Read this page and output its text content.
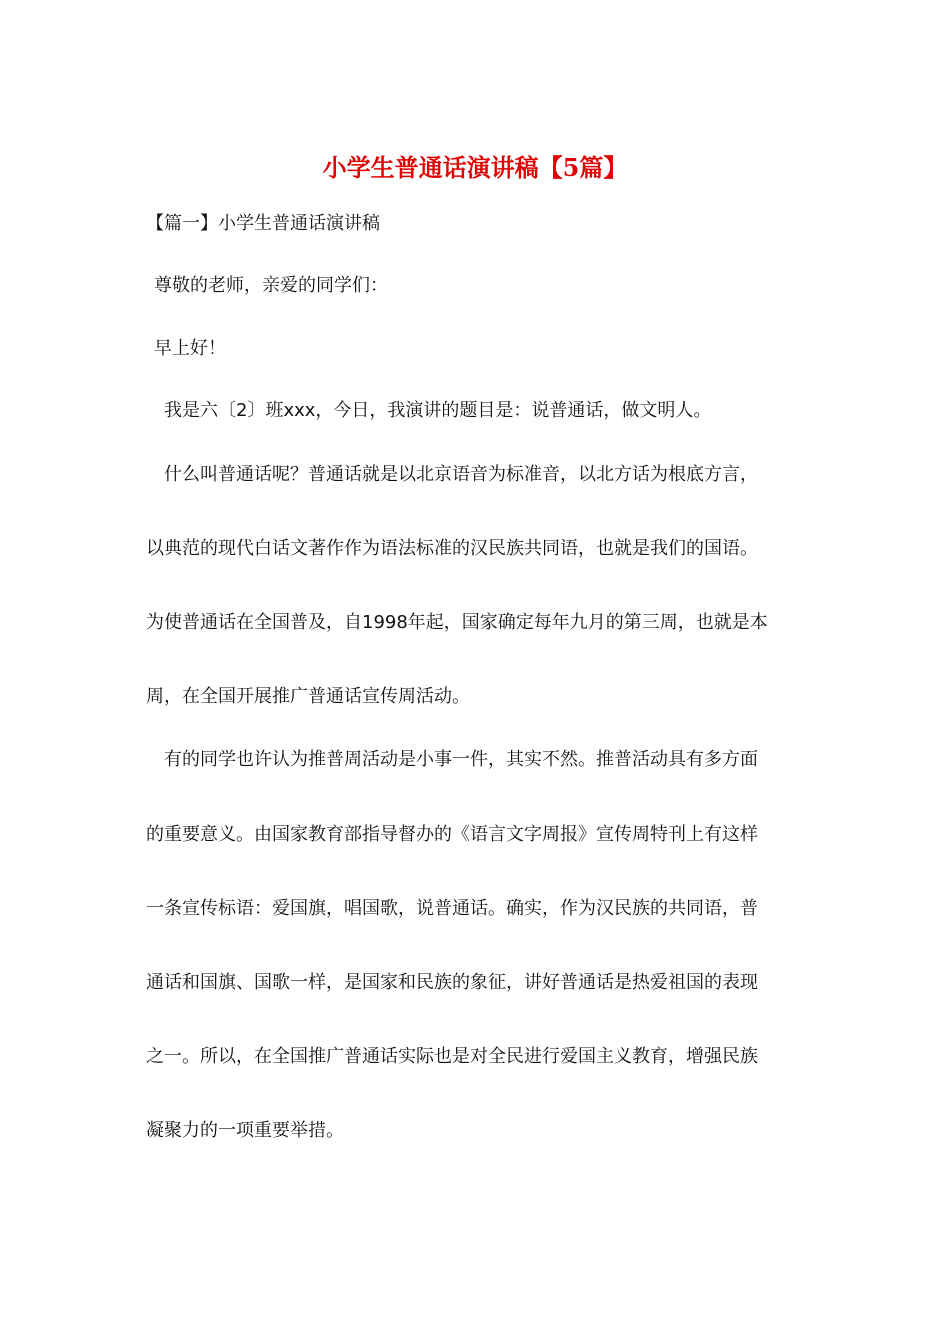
小学生普通话演讲稿【5篇】

【篇一】小学生普通话演讲稿

尊敬的老师，亲爱的同学们：

早上好！

我是六〔2〕班xxx，今日，我演讲的题目是：说普通话，做文明人。

什么叫普通话呢？普通话就是以北京语音为标准音，以北方话为根底方言，

以典范的现代白话文著作作为语法标准的汉民族共同语，也就是我们的国语。

为使普通话在全国普及，自1998年起，国家确定每年九月的第三周，也就是本

周，在全国开展推广普通话宣传周活动。

有的同学也许认为推普周活动是小事一件，其实不然。推普活动具有多方面

的重要意义。由国家教育部指导督办的《语言文字周报》宣传周特刊上有这样

一条宣传标语：爱国旗，唱国歌，说普通话。确实，作为汉民族的共同语，普

通话和国旗、国歌一样，是国家和民族的象征，讲好普通话是热爱祖国的表现

之一。所以，在全国推广普通话实际也是对全民进行爱国主义教育，增强民族

凝聚力的一项重要举措。
